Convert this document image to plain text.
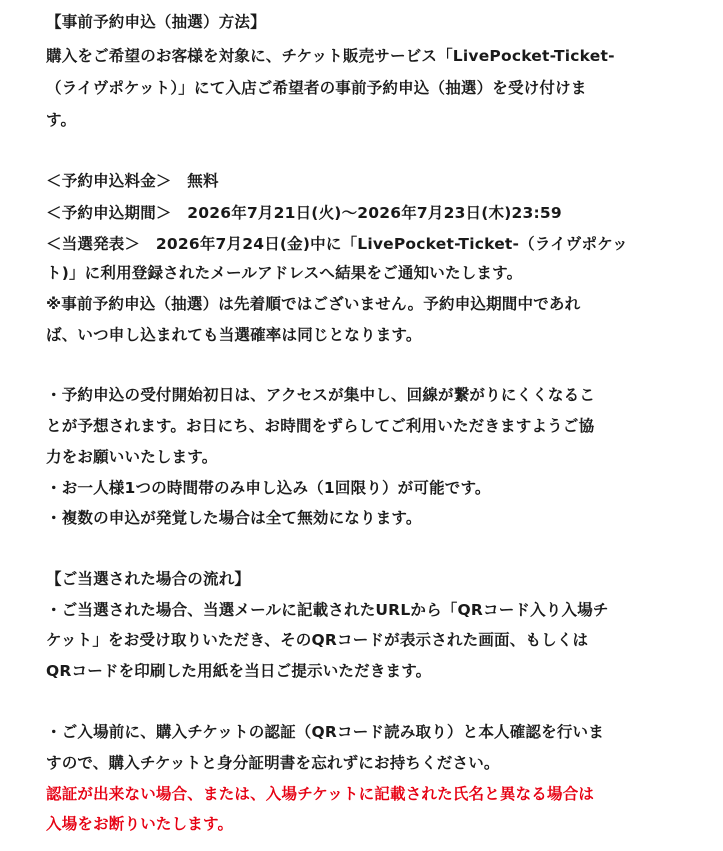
【事前予約申込（抽選）方法】
購入をご希望のお客様を対象に、チケット販売サービス「LivePocket-Ticket-
（ライヴポケット）」にて入店ご希望者の事前予約申込（抽選）を受け付けま
す。
＜予約申込料金＞　無料
＜予約申込期間＞　2026年7月21日(火)〜2026年7月23日(木)23:59
＜当選発表＞　2026年7月24日(金)中に「LivePocket-Ticket-（ライヴポケッ
ト)」に利用登録されたメールアドレスへ結果をご通知いたします。
※事前予約申込（抽選）は先着順ではございません。予約申込期間中であれ
ば、いつ申し込まれても当選確率は同じとなります。
・予約申込の受付開始初日は、アクセスが集中し、回線が繋がりにくくなるこ
とが予想されます。お日にち、お時間をずらしてご利用いただきますようご協
力をお願いいたします。
・お一人様1つの時間帯のみ申し込み（1回限り）が可能です。
・複数の申込が発覚した場合は全て無効になります。
【ご当選された場合の流れ】
・ご当選された場合、当選メールに記載されたURLから「QRコード入り入場チ
ケット」をお受け取りいただき、そのQRコードが表示された画面、もしくは
QRコードを印刷した用紙を当日ご提示いただきます。
・ご入場前に、購入チケットの認証（QRコード読み取り）と本人確認を行いま
すので、購入チケットと身分証明書を忘れずにお持ちください。
認証が出来ない場合、または、入場チケットに記載された氏名と異なる場合は
入場をお断りいたします。
